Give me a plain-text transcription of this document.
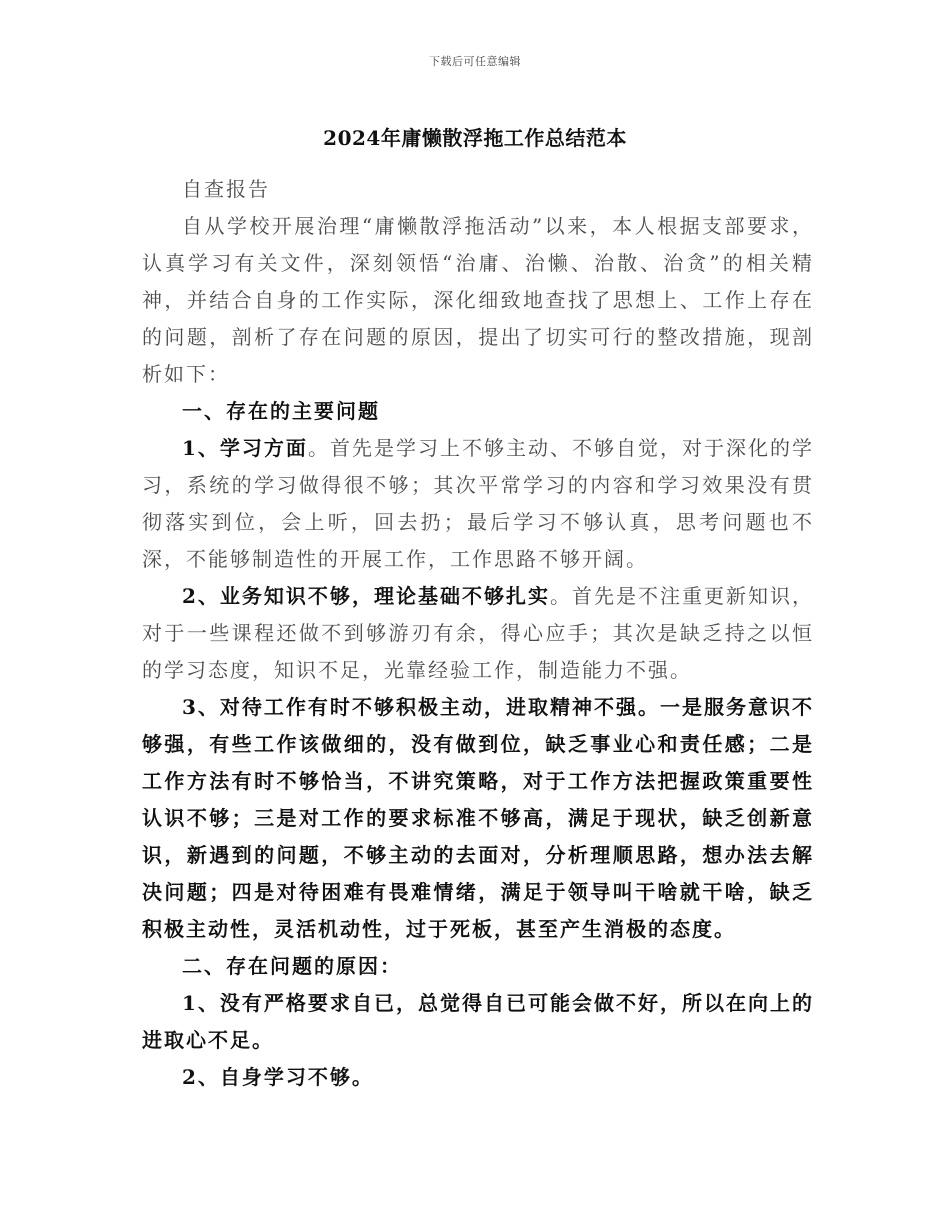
下载后可任意编辑
2024年庸懒散浮拖工作总结范本

自查报告

自从学校开展治理“庸懒散浮拖活动”以来，本人根据支部要求，认真学习有关文件，深刻领悟“治庸、治懒、治散、治贪”的相关精神，并结合自身的工作实际，深化细致地查找了思想上、工作上存在的问题，剖析了存在问题的原因，提出了切实可行的整改措施，现剖析如下：

一、存在的主要问题

1、学习方面。首先是学习上不够主动、不够自觉，对于深化的学习，系统的学习做得很不够；其次平常学习的内容和学习效果没有贯彻落实到位，会上听，回去扔；最后学习不够认真，思考问题也不深，不能够制造性的开展工作，工作思路不够开阔。

2、业务知识不够，理论基础不够扎实。首先是不注重更新知识，对于一些课程还做不到够游刃有余，得心应手；其次是缺乏持之以恒的学习态度，知识不足，光靠经验工作，制造能力不强。

3、对待工作有时不够积极主动，进取精神不强。一是服务意识不够强，有些工作该做细的，没有做到位，缺乏事业心和责任感；二是工作方法有时不够恰当，不讲究策略，对于工作方法把握政策重要性认识不够；三是对工作的要求标准不够高，满足于现状，缺乏创新意识，新遇到的问题，不够主动的去面对，分析理顺思路，想办法去解决问题；四是对待困难有畏难情绪，满足于领导叫干啥就干啥，缺乏积极主动性，灵活机动性，过于死板，甚至产生消极的态度。

二、存在问题的原因：

1、没有严格要求自已，总觉得自已可能会做不好，所以在向上的进取心不足。

2、自身学习不够。
